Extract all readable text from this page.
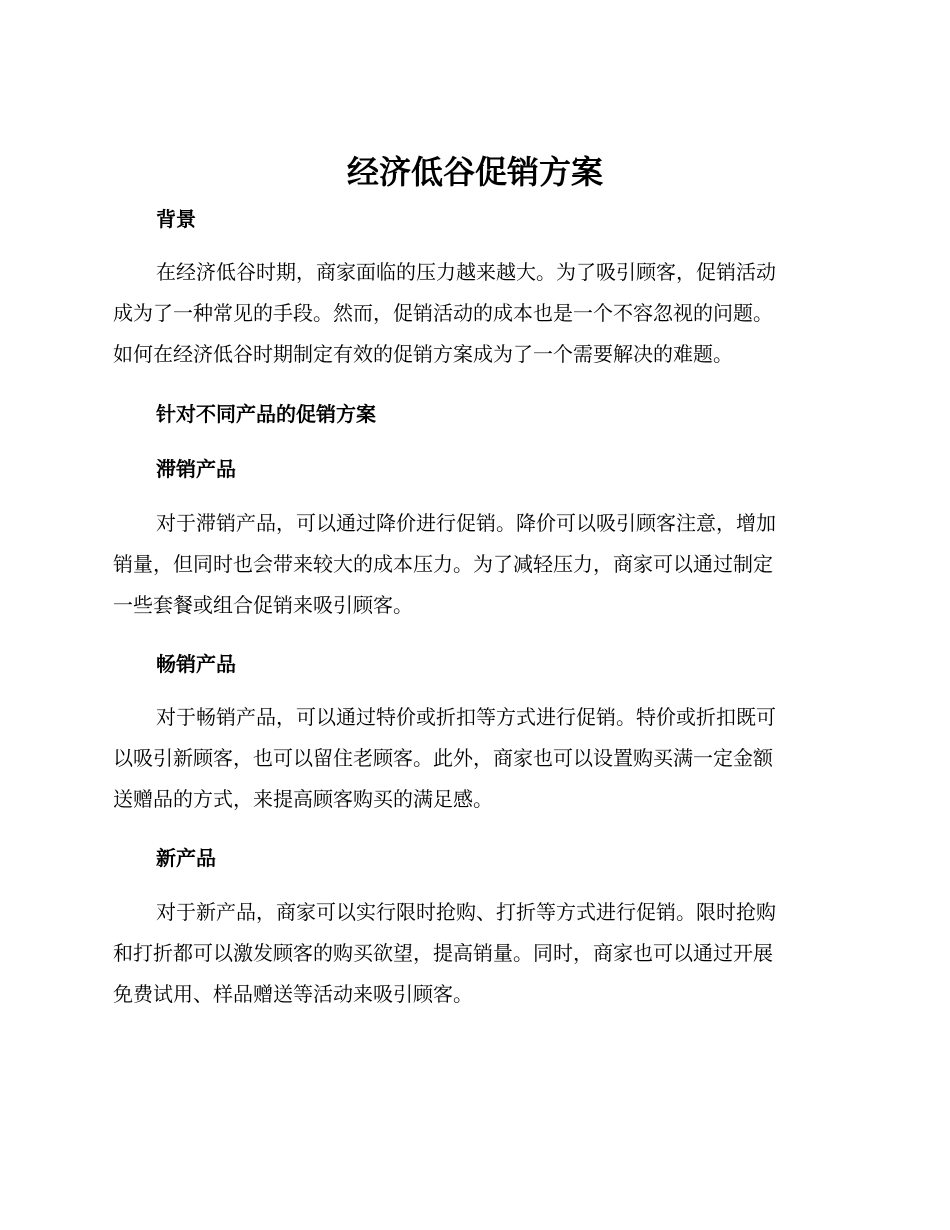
经济低谷促销方案
背景

在经济低谷时期，商家面临的压力越来越大。为了吸引顾客，促销活动
成为了一种常见的手段。然而，促销活动的成本也是一个不容忽视的问题。
如何在经济低谷时期制定有效的促销方案成为了一个需要解决的难题。

针对不同产品的促销方案
滞销产品

对于滞销产品，可以通过降价进行促销。降价可以吸引顾客注意，增加
销量，但同时也会带来较大的成本压力。为了减轻压力，商家可以通过制定
一些套餐或组合促销来吸引顾客。

畅销产品

对于畅销产品，可以通过特价或折扣等方式进行促销。特价或折扣既可
以吸引新顾客，也可以留住老顾客。此外，商家也可以设置购买满一定金额
送赠品的方式，来提高顾客购买的满足感。

新产品

对于新产品，商家可以实行限时抢购、打折等方式进行促销。限时抢购
和打折都可以激发顾客的购买欲望，提高销量。同时，商家也可以通过开展
免费试用、样品赠送等活动来吸引顾客。
